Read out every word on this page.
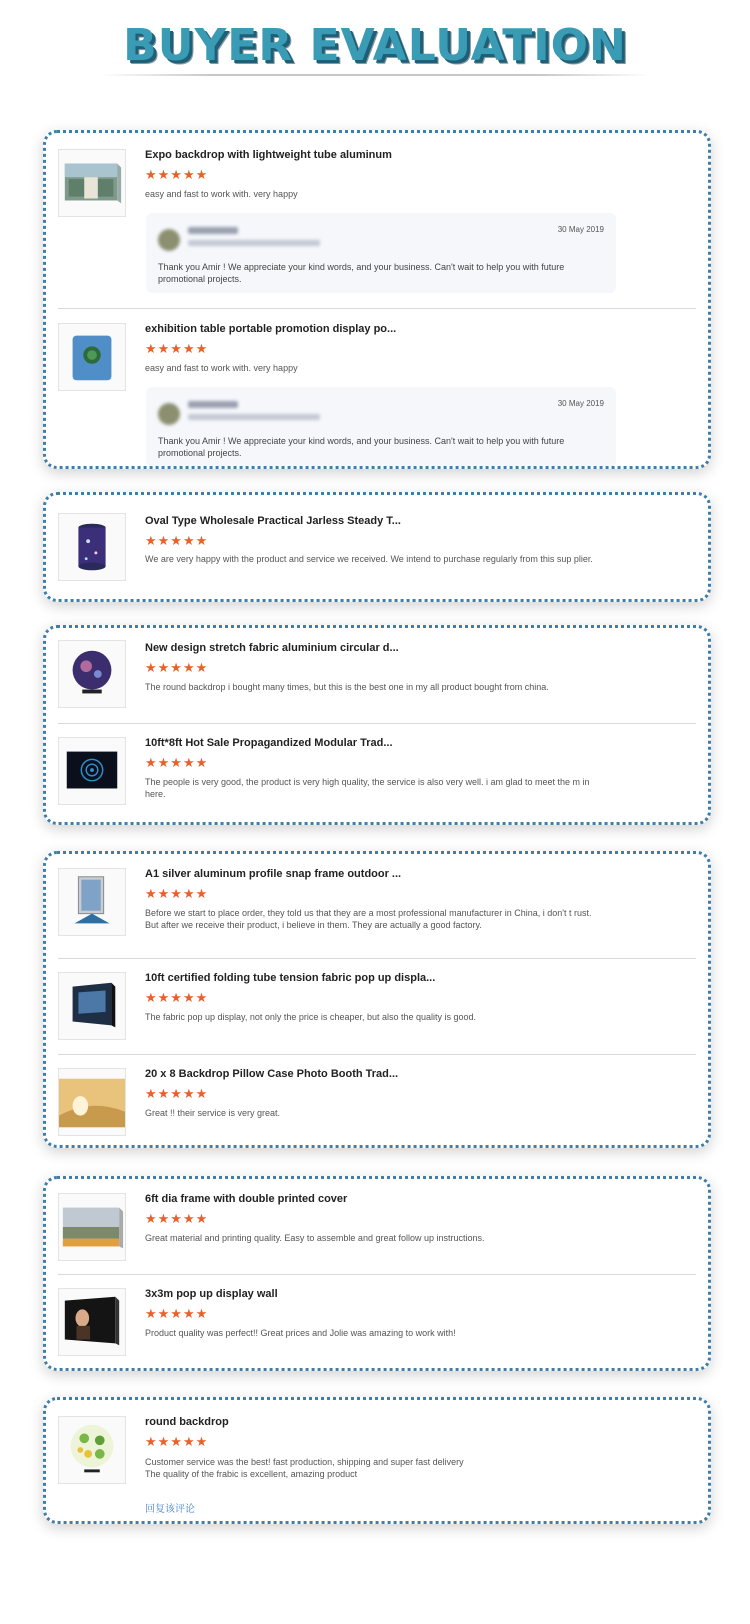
BUYER EVALUATION
Expo backdrop with lightweight tube aluminum
★★★★★
easy and fast to work with. very happy
30 May 2019
Thank you Amir ! We appreciate your kind words, and your business. Can't wait to help you with future promotional projects.
exhibition table portable promotion display po...
★★★★★
easy and fast to work with. very happy
30 May 2019
Thank you Amir ! We appreciate your kind words, and your business. Can't wait to help you with future promotional projects.
Oval Type Wholesale Practical Jarless Steady T...
★★★★★
We are very happy with the product and service we received. We intend to purchase regularly from this sup plier.
New design stretch fabric aluminium circular d...
★★★★★
The round backdrop i bought many times, but this is the best one in my all product bought from china.
10ft*8ft Hot Sale Propagandized Modular Trad...
★★★★★
The people is very good, the product is very high quality, the service is also very well. i am glad to meet the m in here.
A1 silver aluminum profile snap frame outdoor ...
★★★★★
Before we start to place order, they told us that they are a most professional manufacturer in China, i don't t rust. But after we receive their product, i believe in them. They are actually a good factory.
10ft certified folding tube tension fabric pop up displa...
★★★★★
The fabric pop up display, not only the price is cheaper, but also the quality is good.
20 x 8 Backdrop Pillow Case Photo Booth Trad...
★★★★★
Great !! their service is very great.
6ft dia frame with double printed cover
★★★★★
Great material and printing quality. Easy to assemble and great follow up instructions.
3x3m pop up display wall
★★★★★
Product quality was perfect!! Great prices and Jolie was amazing to work with!
round backdrop
★★★★★
Customer service was the best! fast production, shipping and super fast delivery
The quality of the frabic is excellent, amazing product
回复该评论
